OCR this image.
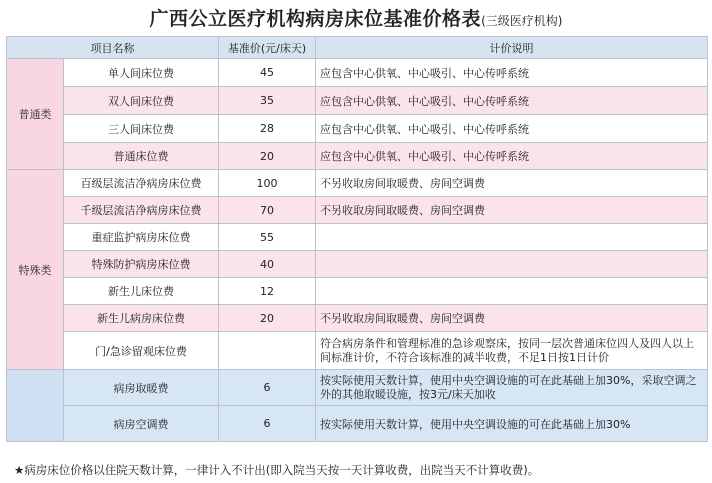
广西公立医疗机构病房床位基准价格表(三级医疗机构)
项目名称		基准价(元/床天)	计价说明
普通类	单人间床位费	45	应包含中心供氧、中心吸引、中心传呼系统
	双人间床位费	35	应包含中心供氧、中心吸引、中心传呼系统
	三人间床位费	28	应包含中心供氧、中心吸引、中心传呼系统
	普通床位费	20	应包含中心供氧、中心吸引、中心传呼系统
特殊类	百级层流洁净病房床位费	100	不另收取房间取暖费、房间空调费
	千级层流洁净病房床位费	70	不另收取房间取暖费、房间空调费
	重症监护病房床位费	55	
	特殊防护病房床位费	40	
	新生儿床位费	12	
	新生儿病房床位费	20	不另收取房间取暖费、房间空调费
	门/急诊留观床位费		符合病房条件和管理标准的急诊观察床，按同一层次普通床位四人及四人以上间标准计价，不符合该标准的减半收费，不足1日按1日计价
	病房取暖费	6	按实际使用天数计算，使用中央空调设施的可在此基础上加30%，采取空调之外的其他取暖设施，按3元/床天加收
	病房空调费	6	按实际使用天数计算，使用中央空调设施的可在此基础上加30%
★病房床位价格以住院天数计算，一律计入不计出(即入院当天按一天计算收费，出院当天不计算收费)。
